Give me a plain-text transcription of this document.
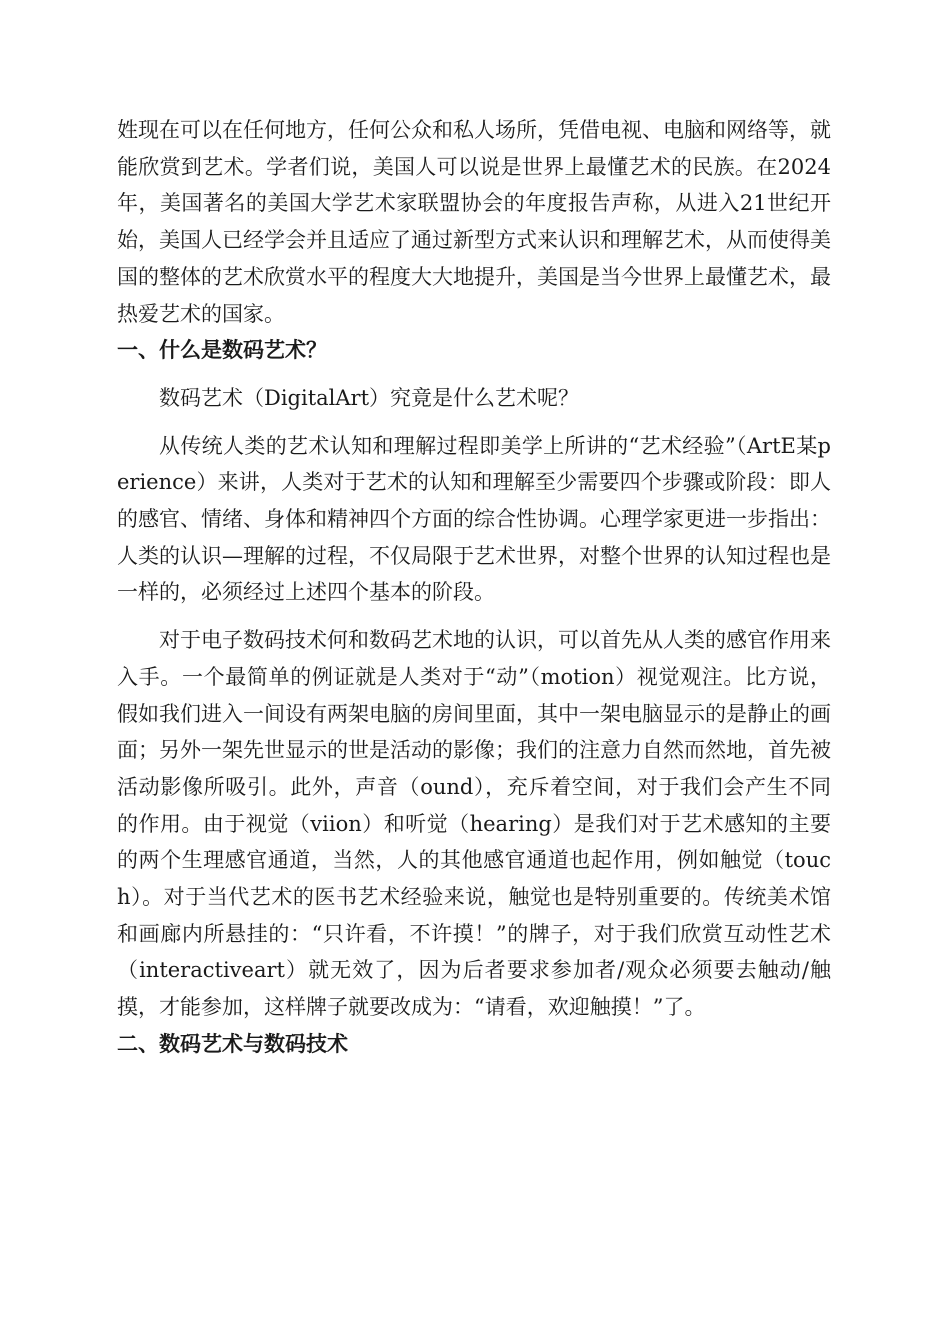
姓现在可以在任何地方，任何公众和私人场所，凭借电视、电脑和网络等，就能欣赏到艺术。学者们说，美国人可以说是世界上最懂艺术的民族。在2024年，美国著名的美国大学艺术家联盟协会的年度报告声称，从进入21世纪开始，美国人已经学会并且适应了通过新型方式来认识和理解艺术，从而使得美国的整体的艺术欣赏水平的程度大大地提升，美国是当今世界上最懂艺术，最热爱艺术的国家。

一、什么是数码艺术？

数码艺术（DigitalArt）究竟是什么艺术呢？

从传统人类的艺术认知和理解过程即美学上所讲的“艺术经验”（ArtE某perience）来讲，人类对于艺术的认知和理解至少需要四个步骤或阶段：即人的感官、情绪、身体和精神四个方面的综合性协调。心理学家更进一步指出：人类的认识—理解的过程，不仅局限于艺术世界，对整个世界的认知过程也是一样的，必须经过上述四个基本的阶段。

对于电子数码技术何和数码艺术地的认识，可以首先从人类的感官作用来入手。一个最简单的例证就是人类对于“动”（motion）视觉观注。比方说，假如我们进入一间设有两架电脑的房间里面，其中一架电脑显示的是静止的画面；另外一架先世显示的世是活动的影像；我们的注意力自然而然地，首先被活动影像所吸引。此外，声音（ound），充斥着空间，对于我们会产生不同的作用。由于视觉（viion）和听觉（hearing）是我们对于艺术感知的主要的两个生理感官通道，当然，人的其他感官通道也起作用，例如触觉（touch）。对于当代艺术的医书艺术经验来说，触觉也是特别重要的。传统美术馆和画廊内所悬挂的：“只许看，不许摸！”的牌子，对于我们欣赏互动性艺术（interactiveart）就无效了，因为后者要求参加者/观众必须要去触动/触摸，才能参加，这样牌子就要改成为：“请看，欢迎触摸！”了。

二、数码艺术与数码技术
